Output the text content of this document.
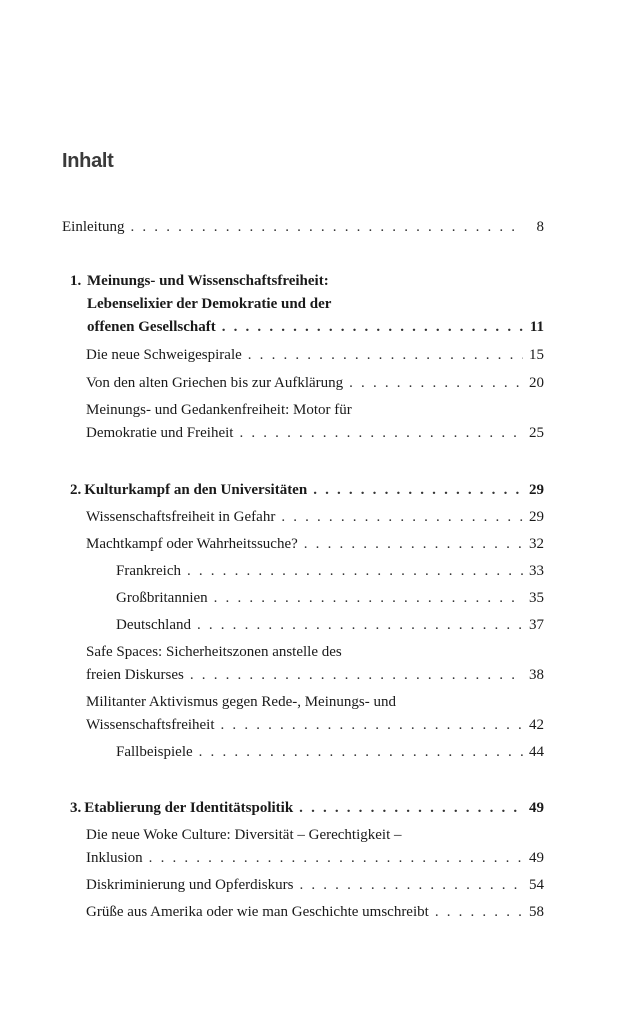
Inhalt
Einleitung . . .	8
1. Meinungs- und Wissenschaftsfreiheit:
Lebenselixier der Demokratie und der
offenen Gesellschaft . . .	11
Die neue Schweigespirale . . .	15
Von den alten Griechen bis zur Aufklärung . . .	20
Meinungs- und Gedankenfreiheit: Motor für
Demokratie und Freiheit . . .	25
2. Kulturkampf an den Universitäten . . .	29
Wissenschaftsfreiheit in Gefahr . . .	29
Machtkampf oder Wahrheitssuche? . . .	32
Frankreich . . .	33
Großbritannien . . .	35
Deutschland . . .	37
Safe Spaces: Sicherheitszonen anstelle des
freien Diskurses . . .	38
Militanter Aktivismus gegen Rede-, Meinungs- und
Wissenschaftsfreiheit . . .	42
Fallbeispiele . . .	44
3. Etablierung der Identitätspolitik . . .	49
Die neue Woke Culture: Diversität – Gerechtigkeit –
Inklusion . . .	49
Diskriminierung und Opferdiskurs . . .	54
Grüße aus Amerika oder wie man Geschichte umschreibt . . .	58
